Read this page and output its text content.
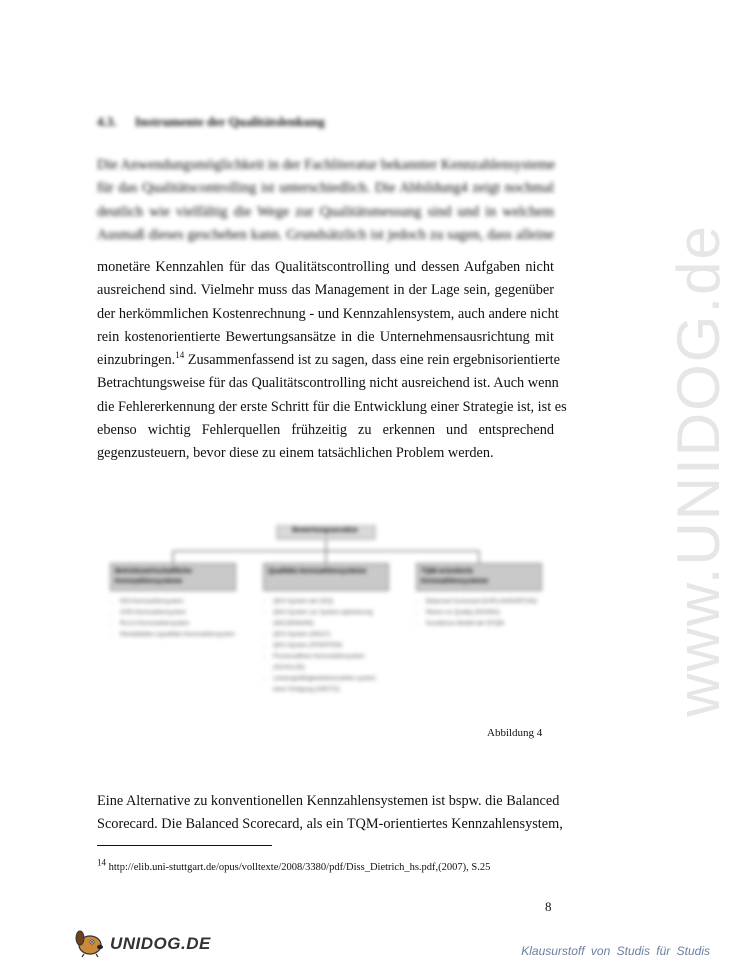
www.UNIDOG.de
4.3. Instrumente der Qualitätslenkung
Die Anwendungsmöglichkeit in der Fachliteratur bekannter Kennzahlensysteme
für das Qualitätscontrolling ist unterschiedlich. Die Abbildung4 zeigt nochmal
deutlich wie vielfältig die Wege zur Qualitätsmessung sind und in welchem
Ausmaß dieses geschehen kann. Grundsätzlich ist jedoch zu sagen, dass alleine
monetäre Kennzahlen für das Qualitätscontrolling und dessen Aufgaben nicht
ausreichend sind. Vielmehr muss das Management in der Lage sein, gegenüber
der herkömmlichen Kostenrechnung - und Kennzahlensystem, auch andere nicht
rein kostenorientierte Bewertungsansätze in die Unternehmensausrichtung mit
einzubringen.$^{14}$ Zusammenfassend ist zu sagen, dass eine rein ergebnisorientierte
Betrachtungsweise für das Qualitätscontrolling nicht ausreichend ist. Auch wenn
die Fehlererkennung der erste Schritt für die Entwicklung einer Strategie ist, ist es
ebenso wichtig Fehlerquellen frühzeitig zu erkennen und entsprechend
gegenzusteuern, bevor diese zu einem tatsächlichen Problem werden.
Bewertungsansätze
Betriebswirtschaftliche Kennzahlensysteme
• ROI-Kennzahlensystem
• ZVEI-Kennzahlensystem
• RL/LS-Kennzahlensystem
• Rentabilitäts-Liquiditäts-Kennzahlensystem
Qualitäts-kennzahlensysteme
• QKS-System der DGQ
• QKS-System zur System-optimierung (WILDEMANN)
• QKS-System (WOLF)
• QKS-System (PFEIFFER)
• Prozessaffines Kennzahlensystem (SCHULZE)
• Leistungsfähigkeitskennzahlen-system einer Fertigung (GRÜTZ)
TQM-orientierte Kennzahlensysteme
• Balanced Scorecard (KAPLAN/NORTON)
• Return on Quality (RAHNG)
• Excellence-Modell der EFQM
Abbildung 4
Eine Alternative zu konventionellen Kennzahlensystemen ist bspw. die Balanced
Scorecard. Die Balanced Scorecard, als ein TQM-orientiertes Kennzahlensystem,
$^{14}$ http://elib.uni-stuttgart.de/opus/volltexte/2008/3380/pdf/Diss_Dietrich_hs.pdf,(2007), S.25
8
UNIDOG.DE	Klausurstoff von Studis für Studis
